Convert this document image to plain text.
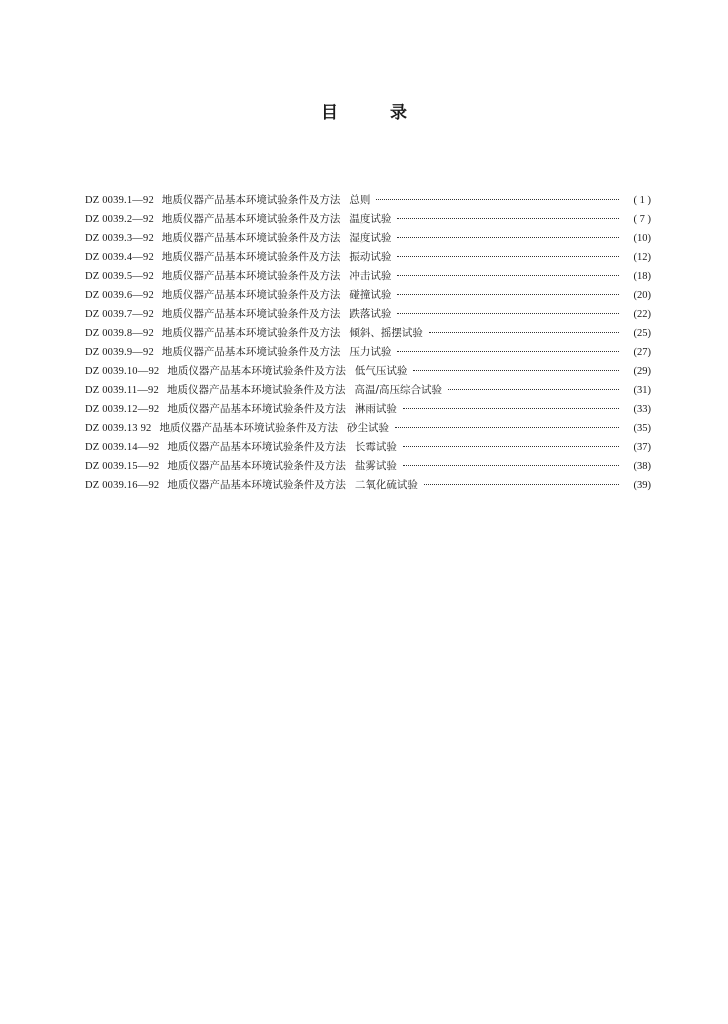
目	录
DZ 0039.1—92 地质仪器产品基本环境试验条件及方法 总则	( 1 )
DZ 0039.2—92 地质仪器产品基本环境试验条件及方法 温度试验	( 7 )
DZ 0039.3—92 地质仪器产品基本环境试验条件及方法 湿度试验	(10)
DZ 0039.4—92 地质仪器产品基本环境试验条件及方法 振动试验	(12)
DZ 0039.5—92 地质仪器产品基本环境试验条件及方法 冲击试验	(18)
DZ 0039.6—92 地质仪器产品基本环境试验条件及方法 碰撞试验	(20)
DZ 0039.7—92 地质仪器产品基本环境试验条件及方法 跌落试验	(22)
DZ 0039.8—92 地质仪器产品基本环境试验条件及方法 倾斜、摇摆试验	(25)
DZ 0039.9—92 地质仪器产品基本环境试验条件及方法 压力试验	(27)
DZ 0039.10—92 地质仪器产品基本环境试验条件及方法 低气压试验	(29)
DZ 0039.11—92 地质仪器产品基本环境试验条件及方法 高温/高压综合试验	(31)
DZ 0039.12—92 地质仪器产品基本环境试验条件及方法 淋雨试验	(33)
DZ 0039.13 92 地质仪器产品基本环境试验条件及方法 砂尘试验	(35)
DZ 0039.14—92 地质仪器产品基本环境试验条件及方法 长霉试验	(37)
DZ 0039.15—92 地质仪器产品基本环境试验条件及方法 盐雾试验	(38)
DZ 0039.16—92 地质仪器产品基本环境试验条件及方法 二氧化硫试验	(39)
